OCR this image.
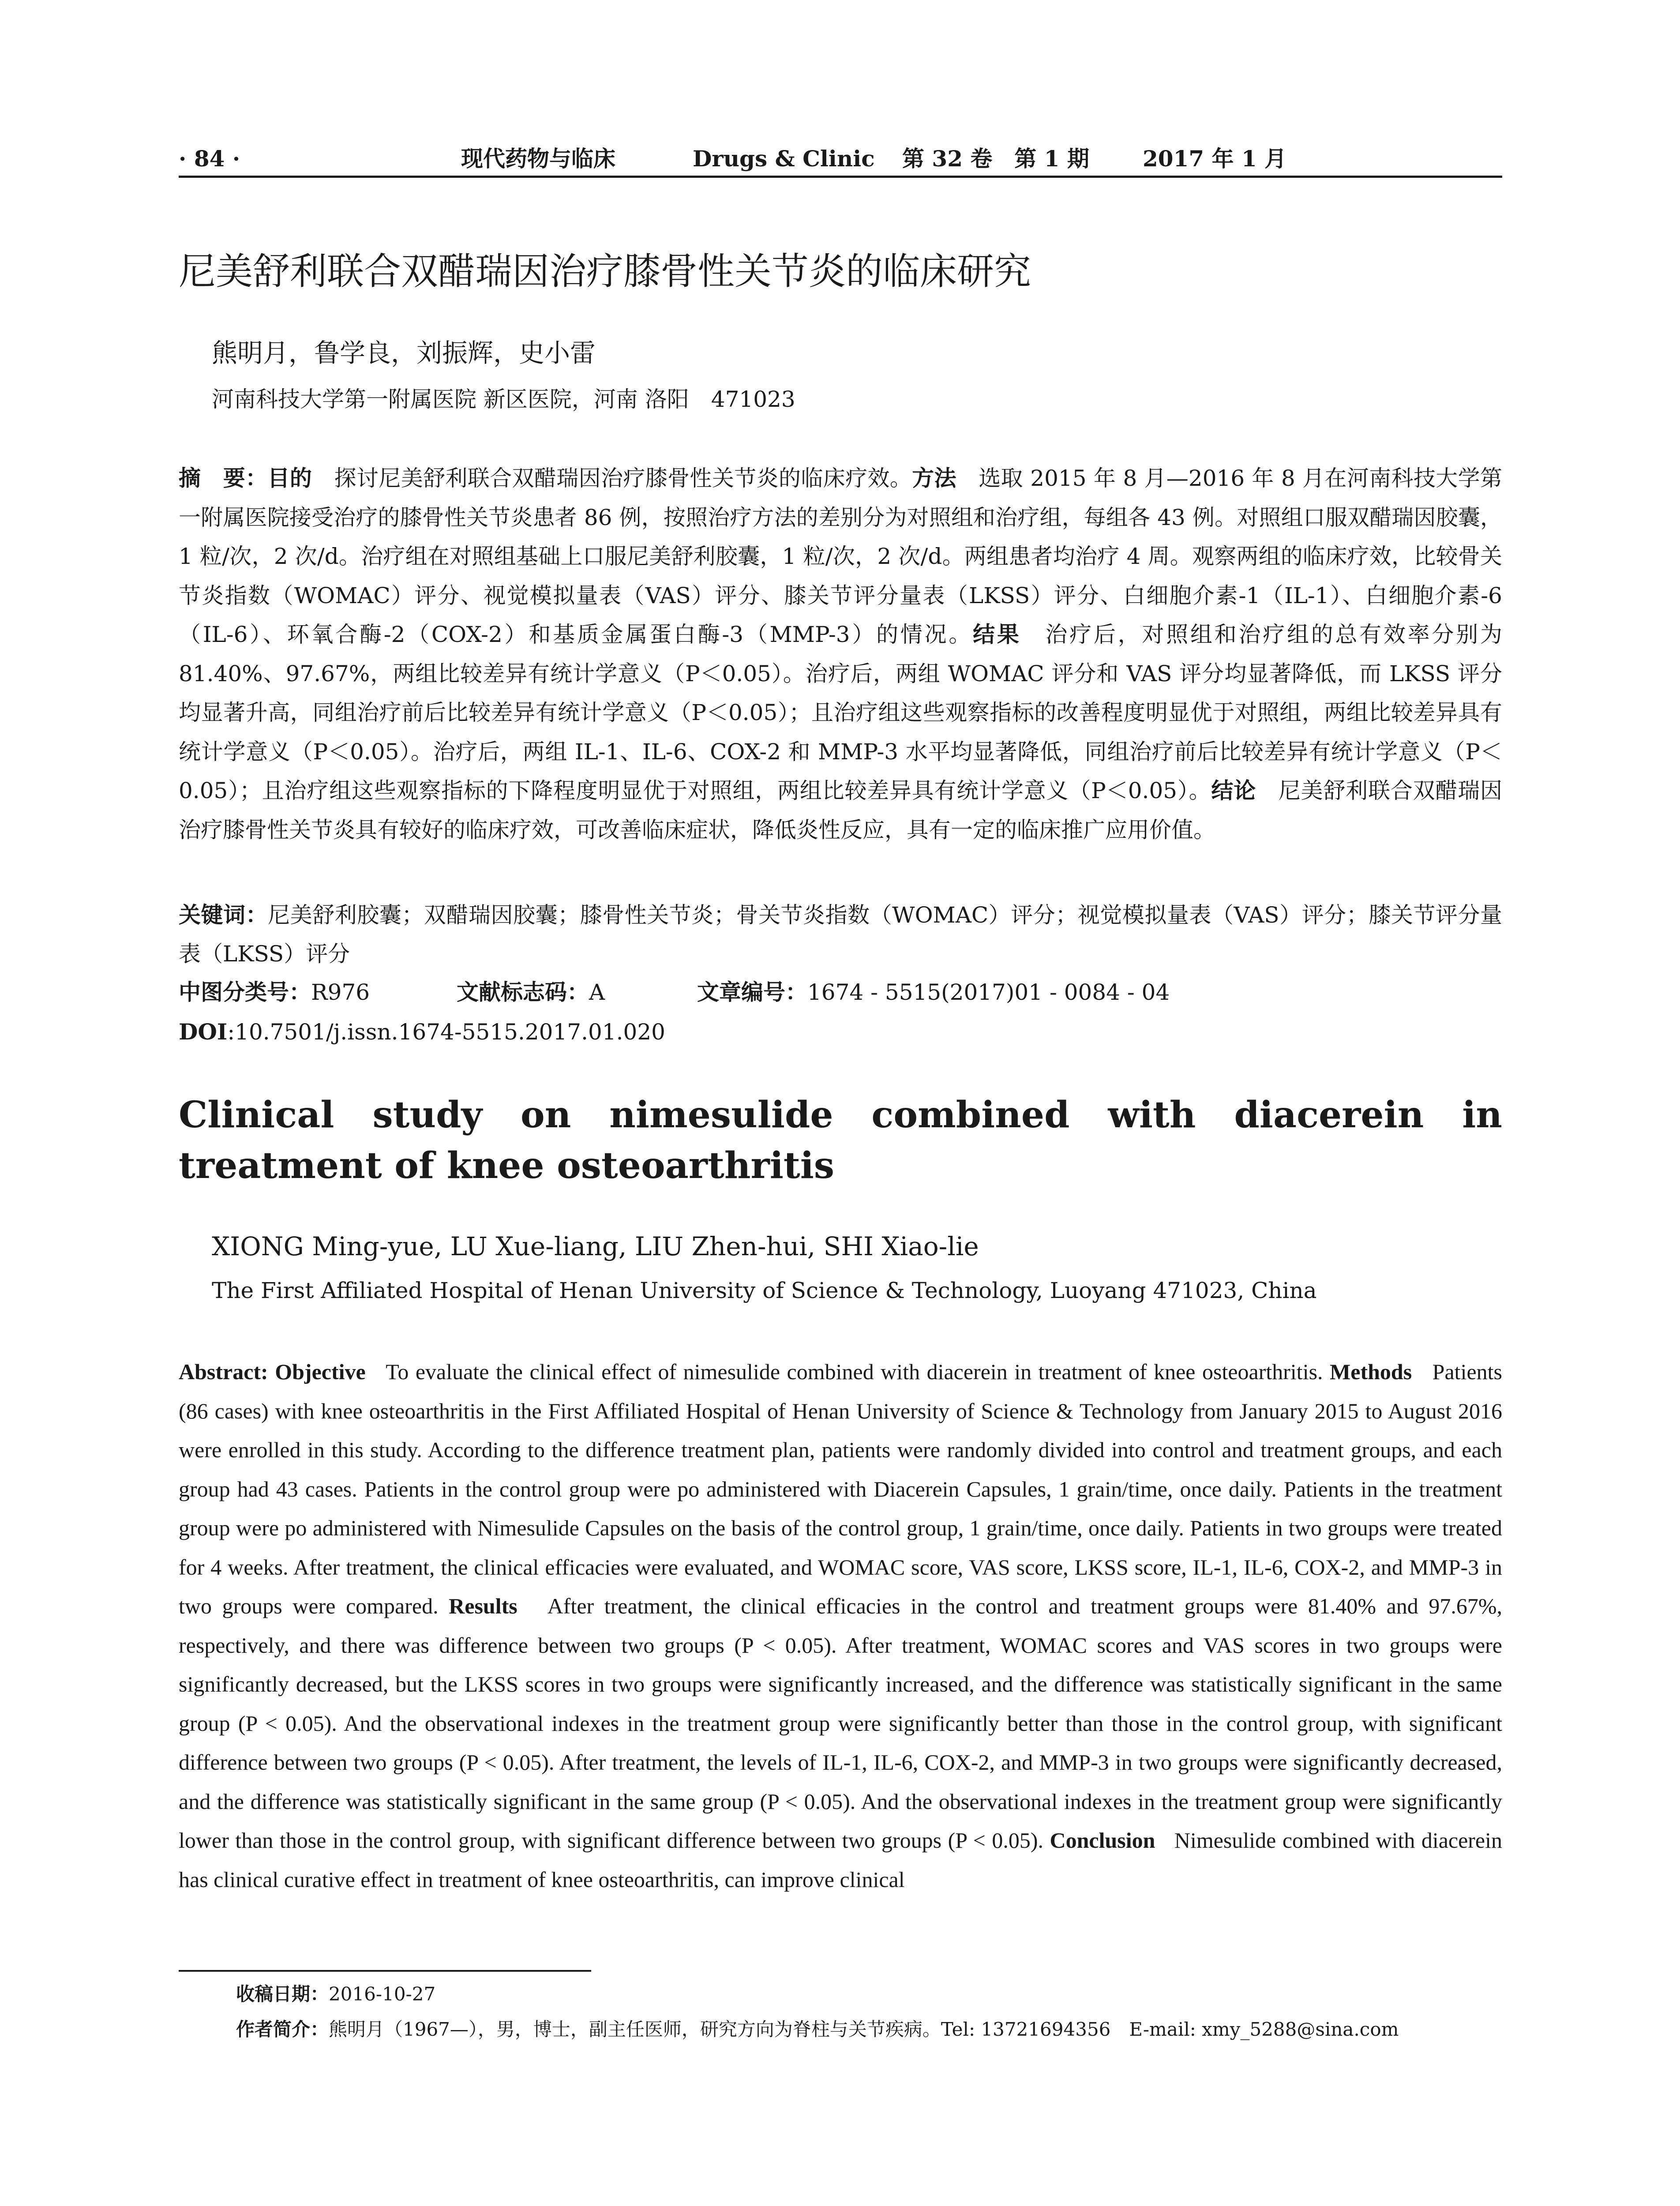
· 84 ·	现代药物与临床	Drugs & Clinic 第 32 卷　第 1 期 2017 年 1 月
尼美舒利联合双醋瑞因治疗膝骨性关节炎的临床研究
熊明月，鲁学良，刘振辉，史小雷
河南科技大学第一附属医院 新区医院，河南 洛阳　471023
摘　要：目的　 探讨尼美舒利联合双醋瑞因治疗膝骨性关节炎的临床疗效。方法　 选取 2015 年 8 月—2016 年 8 月在河南科技大学第一附属医院接受治疗的膝骨性关节炎患者 86 例，按照治疗方法的差别分为对照组和治疗组，每组各 43 例。对照组口服双醋瑞因胶囊，1 粒/次，2 次/d。治疗组在对照组基础上口服尼美舒利胶囊，1 粒/次，2 次/d。两组患者均治疗 4 周。观察两组的临床疗效，比较骨关节炎指数（WOMAC）评分、视觉模拟量表（VAS）评分、膝关节评分量表（LKSS）评分、白细胞介素-1（IL-1）、白细胞介素-6（IL-6）、环氧合酶-2（COX-2）和基质金属蛋白酶-3（MMP-3）的情况。结果　 治疗后，对照组和治疗组的总有效率分别为 81.40%、97.67%，两组比较差异有统计学意义（P＜0.05）。治疗后，两组 WOMAC 评分和 VAS 评分均显著降低，而 LKSS 评分均显著升高，同组治疗前后比较差异有统计学意义（P＜0.05）；且治疗组这些观察指标的改善程度明显优于对照组，两组比较差异具有统计学意义（P＜0.05）。治疗后，两组 IL-1、IL-6、COX-2 和 MMP-3 水平均显著降低，同组治疗前后比较差异有统计学意义（P＜0.05）；且治疗组这些观察指标的下降程度明显优于对照组，两组比较差异具有统计学意义（P＜0.05）。结论　 尼美舒利联合双醋瑞因治疗膝骨性关节炎具有较好的临床疗效，可改善临床症状，降低炎性反应，具有一定的临床推广应用价值。
关键词：尼美舒利胶囊；双醋瑞因胶囊；膝骨性关节炎；骨关节炎指数（WOMAC）评分；视觉模拟量表（VAS）评分；膝关节评分量表（LKSS）评分
中图分类号：R976	文献标志码：A	文章编号：1674 - 5515(2017)01 - 0084 - 04
DOI:10.7501/j.issn.1674-5515.2017.01.020
Clinical study on nimesulide combined with diacerein in treatment of knee osteoarthritis
XIONG Ming-yue, LU Xue-liang, LIU Zhen-hui, SHI Xiao-lie
The First Affiliated Hospital of Henan University of Science & Technology, Luoyang 471023, China
Abstract: Objective To evaluate the clinical effect of nimesulide combined with diacerein in treatment of knee osteoarthritis. Methods Patients (86 cases) with knee osteoarthritis in the First Affiliated Hospital of Henan University of Science & Technology from January 2015 to August 2016 were enrolled in this study. According to the difference treatment plan, patients were randomly divided into control and treatment groups, and each group had 43 cases. Patients in the control group were po administered with Diacerein Capsules, 1 grain/time, once daily. Patients in the treatment group were po administered with Nimesulide Capsules on the basis of the control group, 1 grain/time, once daily. Patients in two groups were treated for 4 weeks. After treatment, the clinical efficacies were evaluated, and WOMAC score, VAS score, LKSS score, IL-1, IL-6, COX-2, and MMP-3 in two groups were compared. Results After treatment, the clinical efficacies in the control and treatment groups were 81.40% and 97.67%, respectively, and there was difference between two groups (P < 0.05). After treatment, WOMAC scores and VAS scores in two groups were significantly decreased, but the LKSS scores in two groups were significantly increased, and the difference was statistically significant in the same group (P < 0.05). And the observational indexes in the treatment group were significantly better than those in the control group, with significant difference between two groups (P < 0.05). After treatment, the levels of IL-1, IL-6, COX-2, and MMP-3 in two groups were significantly decreased, and the difference was statistically significant in the same group (P < 0.05). And the observational indexes in the treatment group were significantly lower than those in the control group, with significant difference between two groups (P < 0.05). Conclusion Nimesulide combined with diacerein has clinical curative effect in treatment of knee osteoarthritis, can improve clinical
收稿日期：2016-10-27
作者简介：熊明月（1967—），男，博士，副主任医师，研究方向为脊柱与关节疾病。Tel: 13721694356　E-mail: xmy_5288@sina.com
